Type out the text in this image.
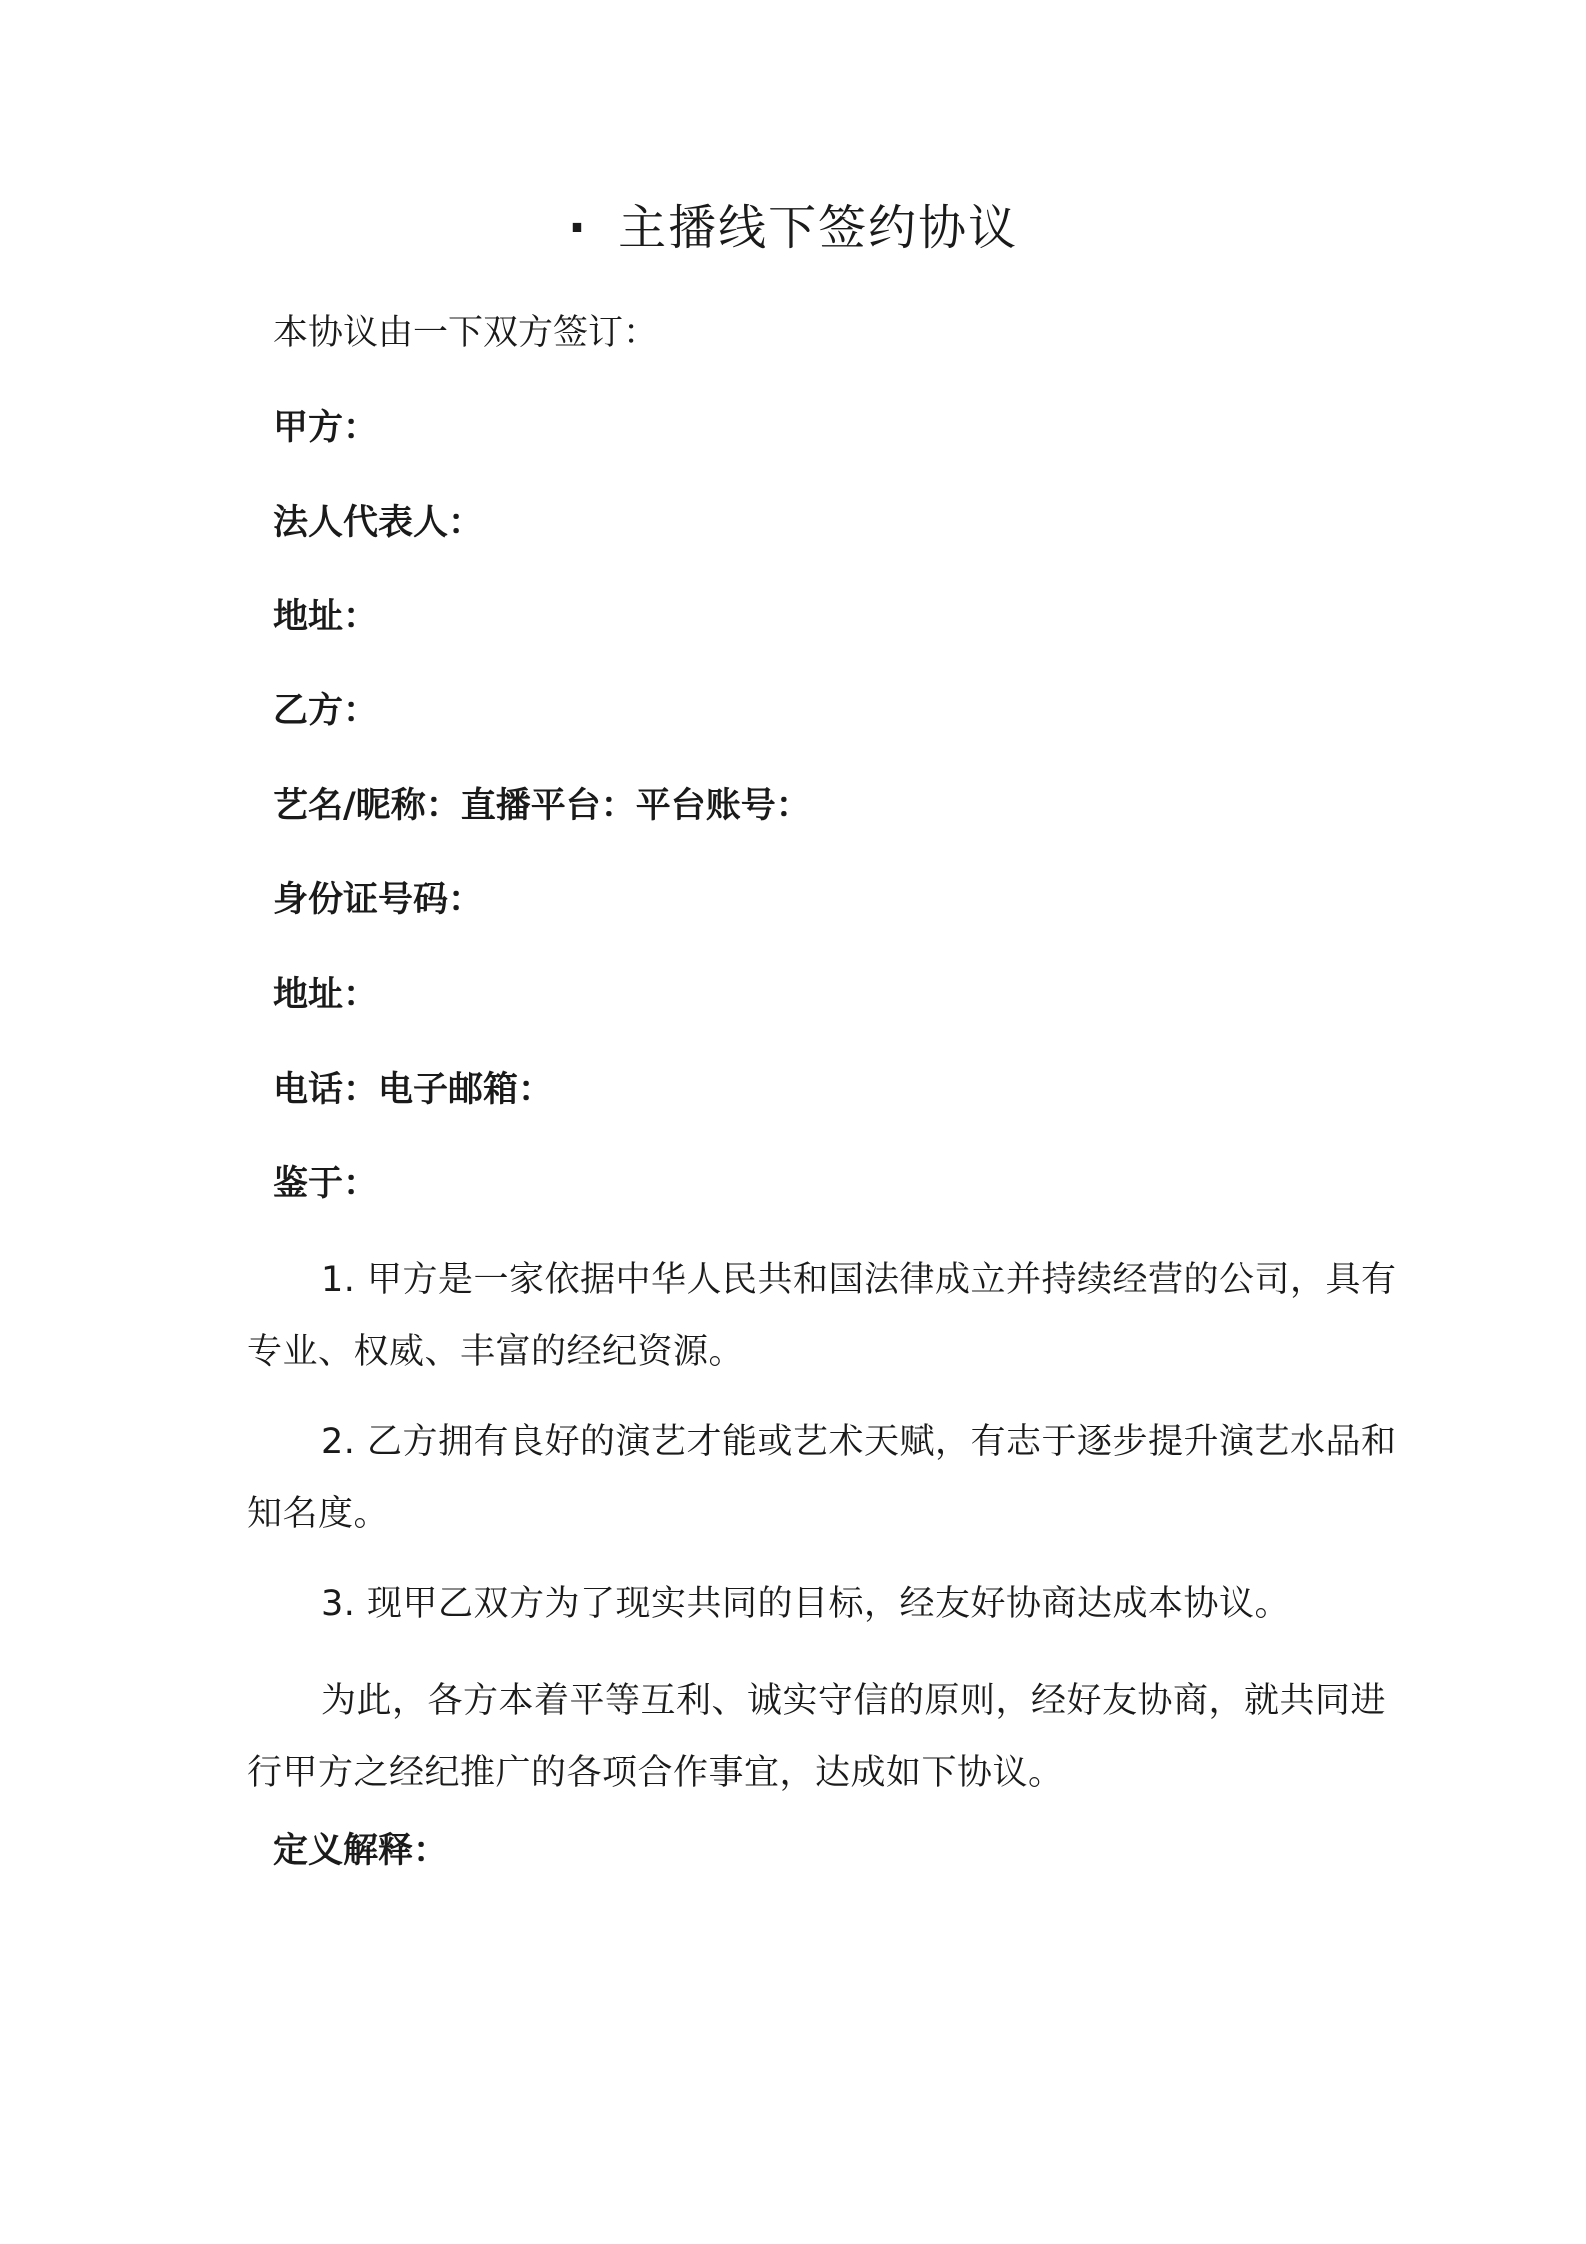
· 主播线下签约协议
本协议由一下双方签订：
甲方：
法人代表人：
地址：
乙方：
艺名/昵称：直播平台：平台账号：
身份证号码：
地址：
电话：电子邮箱：
鉴于：
1. 甲方是一家依据中华人民共和国法律成立并持续经营的公司，具有专业、权威、丰富的经纪资源。
2. 乙方拥有良好的演艺才能或艺术天赋，有志于逐步提升演艺水品和知名度。
3. 现甲乙双方为了现实共同的目标，经友好协商达成本协议。
为此，各方本着平等互利、诚实守信的原则，经好友协商，就共同进行甲方之经纪推广的各项合作事宜，达成如下协议。
定义解释：
